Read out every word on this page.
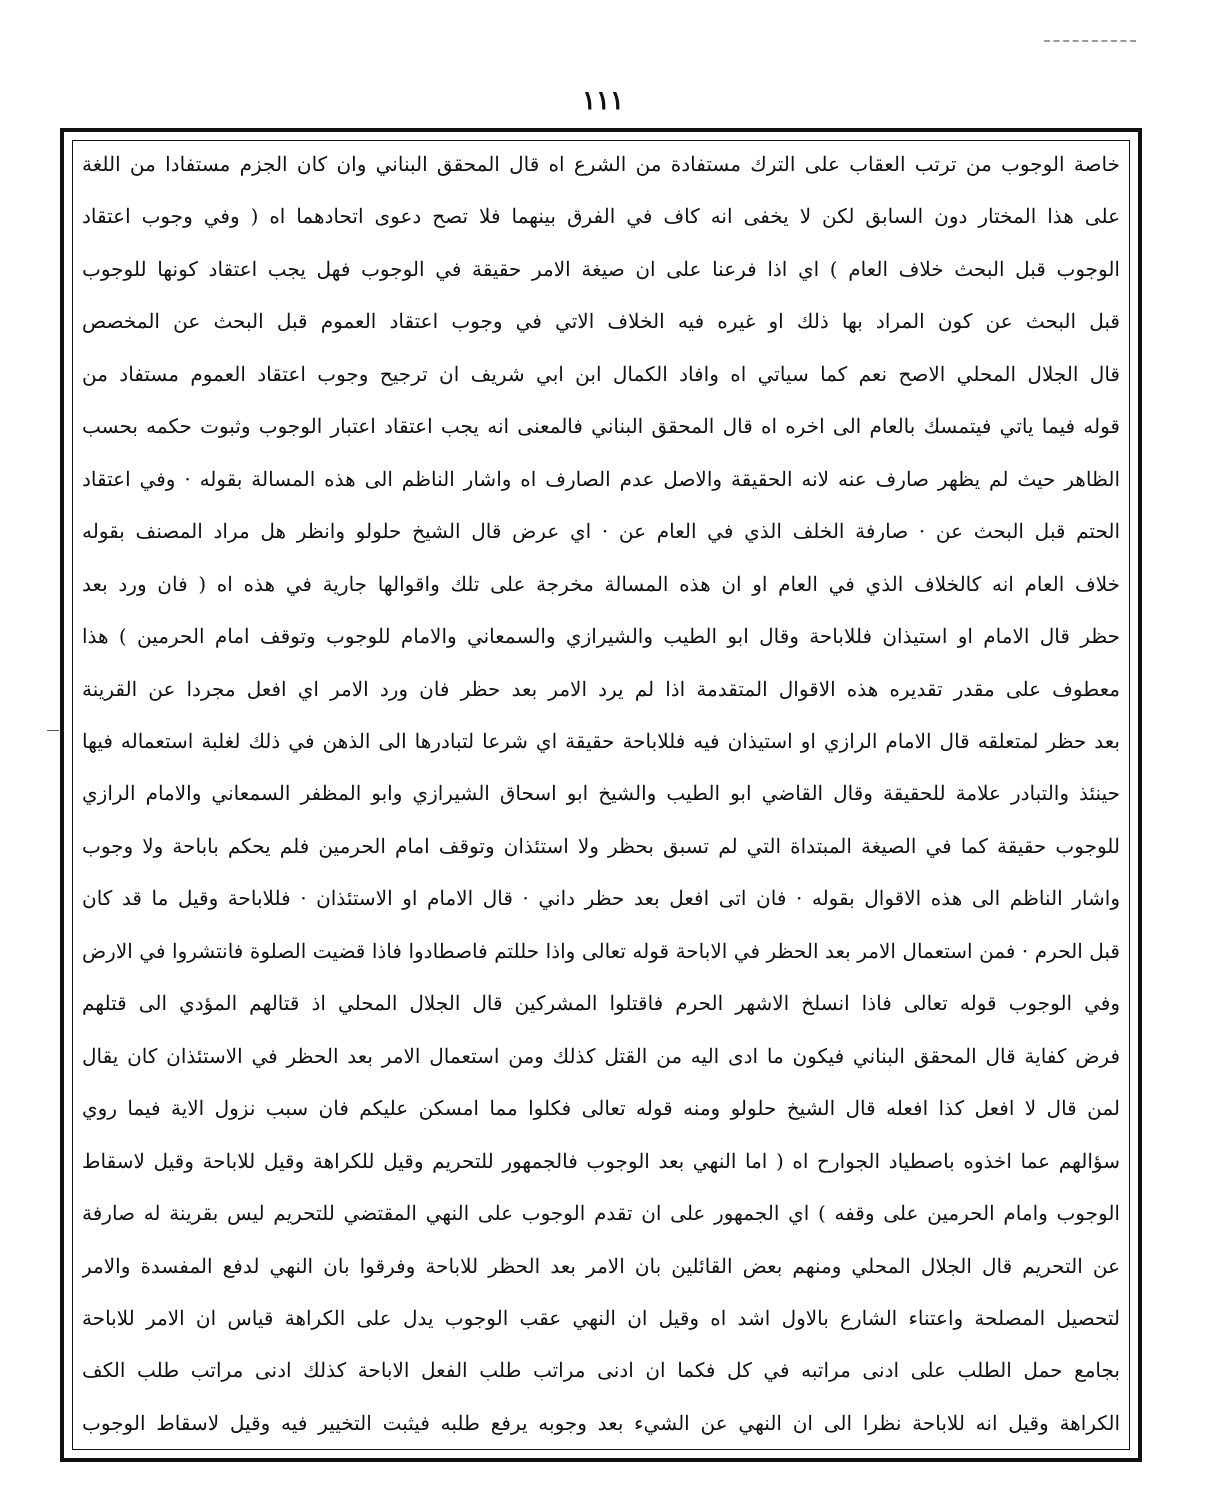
١١١
خاصة الوجوب من ترتب العقاب على الترك مستفادة من الشرع اه قال المحقق البناني وان كان الجزم مستفادا من اللغة
على هذا المختار دون السابق لكن لا يخفى انه كاف في الفرق بينهما فلا تصح دعوى اتحادهما اه ( وفي وجوب اعتقاد
الوجوب قبل البحث خلاف العام ) اي اذا فرعنا على ان صيغة الامر حقيقة في الوجوب فهل يجب اعتقاد كونها للوجوب
قبل البحث عن كون المراد بها ذلك او غيره فيه الخلاف الاتي في وجوب اعتقاد العموم قبل البحث عن المخصص
قال الجلال المحلي الاصح نعم كما سياتي اه وافاد الكمال ابن ابي شريف ان ترجيح وجوب اعتقاد العموم مستفاد من
قوله فيما ياتي فيتمسك بالعام الى اخره اه قال المحقق البناني فالمعنى انه يجب اعتقاد اعتبار الوجوب وثبوت حكمه بحسب
الظاهر حيث لم يظهر صارف عنه لانه الحقيقة والاصل عدم الصارف اه واشار الناظم الى هذه المسالة بقوله · وفي اعتقاد
الحتم قبل البحث عن · صارفة الخلف الذي في العام عن · اي عرض قال الشيخ حلولو وانظر هل مراد المصنف بقوله
خلاف العام انه كالخلاف الذي في العام او ان هذه المسالة مخرجة على تلك واقوالها جارية في هذه اه ( فان ورد بعد
حظر قال الامام او استيذان فللاباحة وقال ابو الطيب والشيرازي والسمعاني والامام للوجوب وتوقف امام الحرمين ) هذا
معطوف على مقدر تقديره هذه الاقوال المتقدمة اذا لم يرد الامر بعد حظر فان ورد الامر اي افعل مجردا عن القرينة
بعد حظر لمتعلقه قال الامام الرازي او استيذان فيه فللاباحة حقيقة اي شرعا لتبادرها الى الذهن في ذلك لغلبة استعماله فيها
حينئذ والتبادر علامة للحقيقة وقال القاضي ابو الطيب والشيخ ابو اسحاق الشيرازي وابو المظفر السمعاني والامام الرازي
للوجوب حقيقة كما في الصيغة المبتداة التي لم تسبق بحظر ولا استئذان وتوقف امام الحرمين فلم يحكم باباحة ولا وجوب
واشار الناظم الى هذه الاقوال بقوله · فان اتى افعل بعد حظر داني · قال الامام او الاستئذان · فللاباحة وقيل ما قد كان
قبل الحرم · فمن استعمال الامر بعد الحظر في الاباحة قوله تعالى واذا حللتم فاصطادوا فاذا قضيت الصلوة فانتشروا في الارض
وفي الوجوب قوله تعالى فاذا انسلخ الاشهر الحرم فاقتلوا المشركين قال الجلال المحلي اذ قتالهم المؤدي الى قتلهم
فرض كفاية قال المحقق البناني فيكون ما ادى اليه من القتل كذلك ومن استعمال الامر بعد الحظر في الاستئذان كان يقال
لمن قال لا افعل كذا افعله قال الشيخ حلولو ومنه قوله تعالى فكلوا مما امسكن عليكم فان سبب نزول الاية فيما روي
سؤالهم عما اخذوه باصطياد الجوارح اه ( اما النهي بعد الوجوب فالجمهور للتحريم وقيل للكراهة وقيل للاباحة وقيل لاسقاط
الوجوب وامام الحرمين على وقفه ) اي الجمهور على ان تقدم الوجوب على النهي المقتضي للتحريم ليس بقرينة له صارفة
عن التحريم قال الجلال المحلي ومنهم بعض القائلين بان الامر بعد الحظر للاباحة وفرقوا بان النهي لدفع المفسدة والامر
لتحصيل المصلحة واعتناء الشارع بالاول اشد اه وقيل ان النهي عقب الوجوب يدل على الكراهة قياس ان الامر للاباحة
بجامع حمل الطلب على ادنى مراتبه في كل فكما ان ادنى مراتب طلب الفعل الاباحة كذلك ادنى مراتب طلب الكف
الكراهة وقيل انه للاباحة نظرا الى ان النهي عن الشيء بعد وجوبه يرفع طلبه فيثبت التخيير فيه وقيل لاسقاط الوجوب
